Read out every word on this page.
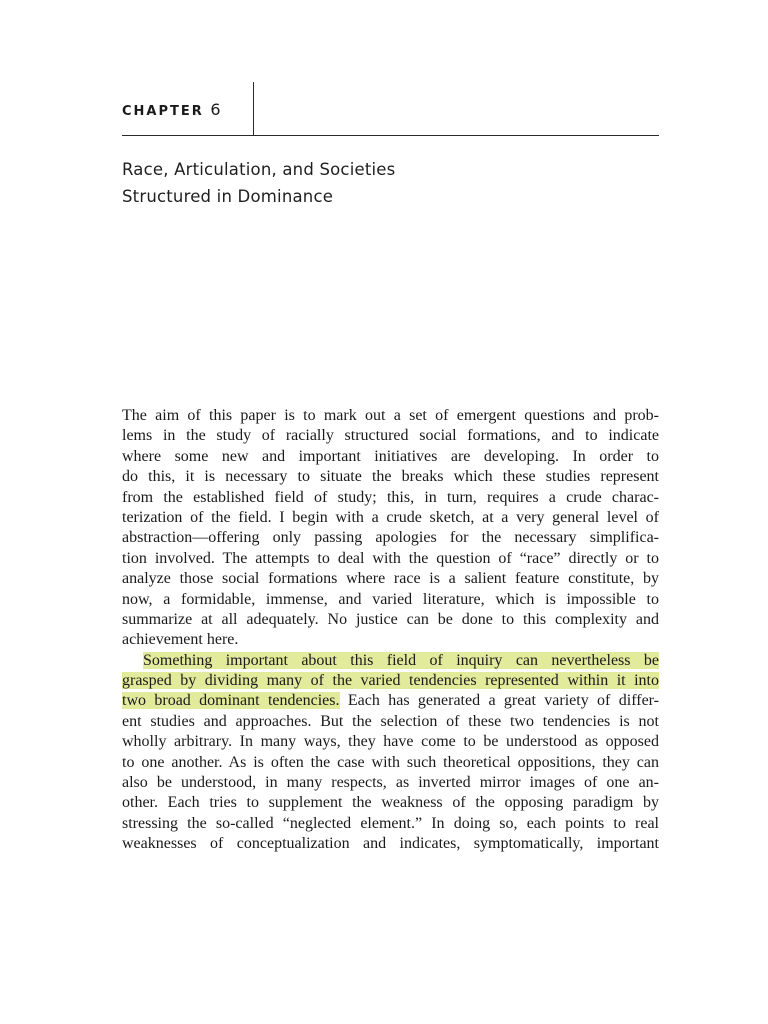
CHAPTER 6
Race, Articulation, and Societies
Structured in Dominance
The aim of this paper is to mark out a set of emergent questions and prob-
lems in the study of racially structured social formations, and to indicate
where some new and important initiatives are developing. In order to
do this, it is necessary to situate the breaks which these studies represent
from the established field of study; this, in turn, requires a crude charac-
terization of the field. I begin with a crude sketch, at a very general level of
abstraction—offering only passing apologies for the necessary simplifica-
tion involved. The attempts to deal with the question of “race” directly or to
analyze those social formations where race is a salient feature constitute, by
now, a formidable, immense, and varied literature, which is impossible to
summarize at all adequately. No justice can be done to this complexity and
achievement here.
Something important about this field of inquiry can nevertheless be
grasped by dividing many of the varied tendencies represented within it into
two broad dominant tendencies. Each has generated a great variety of differ-
ent studies and approaches. But the selection of these two tendencies is not
wholly arbitrary. In many ways, they have come to be understood as opposed
to one another. As is often the case with such theoretical oppositions, they can
also be understood, in many respects, as inverted mirror images of one an-
other. Each tries to supplement the weakness of the opposing paradigm by
stressing the so-called “neglected element.” In doing so, each points to real
weaknesses of conceptualization and indicates, symptomatically, important
